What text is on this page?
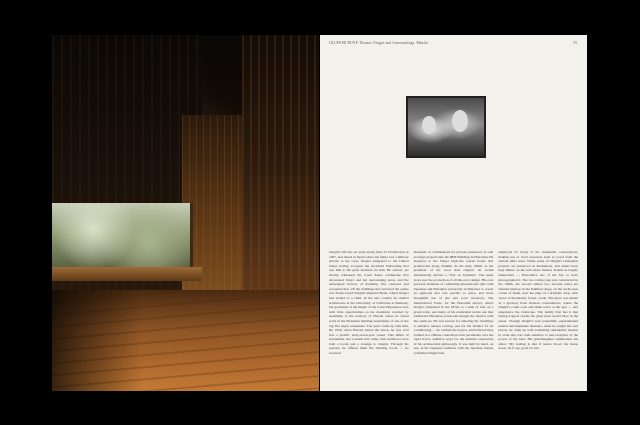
OLUFEMI BOYE Thomas Otagiri and Surroundings, Manila	55

Otagiri's life has set quite strong there in Vladivostok in 1907, and raised in Japan where his father was a military attache to the Czar, Otagiri emigrated to the United States having accepted the Archbold Fellowship that saw him to the great mansion for him. He arrived, yet having witnessed the Great Kanto earthquake that devastated Tokyo and her surrounding areas, and the subsequent horrors of hardship, fire, removal and reconstruction. Of the buildings that survived the quake was Frank Lloyd Wright's Imperial Hotel, which Otagiri had visited as a child. In the new country he studied architecture at the University of California at Berkeley, but graduated at the height of the Great Depression and, with little opportunities on the mainland, traveled by steamship to the territory of Hawaii where he found work in the Honolulu building department of one of the big five sugar companies. The years came up with him. By 1930, when Hawaii joined the union, he was well into a prolific sixty-seven-year career. This influx of investment and tourism that came with statehood were both a boom and a revenge to Otagiri. Through his practice he offered them the building boom — he received

hundreds of commissions for private residences as well as larger projects like the IBM Building in Honolulu. He departed to the Yaiger high-rise tourist hotels that proliferated along Waikiki. In the early 1960s, as the president of the local AIA chapter, he would intentionally declare a "War on Ugliness". The same years saw the production of all this era's design. His own personal elements of combining international style with Japanese and Hawaiian vernacular architecture to create an approach that was specific to place, and more thoughtful use of site and local resources. The International Trade, for the Honolulu airport, which Otagiri completed in the 1970s, is a kind of tour on a grand scale, and many of his residential works one that traditional Hawaiian vernacular merges the interior with the outdoors. He was known for situating his dwellings to enhance natural cooling, and for his distinct for its conditioning — he loathed the tropics, and believed they formed in a climate controlled room pavements over the rapid rivers. Additive ways for the ultimate expression of his architectural philosophy. It was built by hand, on site, in the Japanese tradition, with the Japanese master craftsmen Otagiri had

employed for many of his residential constructions, making use of local resources such as wood from the ancient Ohia trees. While some of Otagiri's residential projects are preserved as institutions, and others have kept thither on the real estate market, Kahala is largely unheralded — Honolulu's one of the few to have photographed it. The two cabins (one was constructed in the 1960s, the second almost two decades later) are situated high up in the Pukiikai range, on the north-west corner of Oahu, near the edge of a dramatic drop, with views of mountains, forest, ocean. The place was meant as a getaway from modern conveniences, where the Otagiri's could cook and drink water at the spot — and experience the landscape. The family first has it that during tropical storms the great trees would blow in the estate. Though Otagiri's had potentially experimented natural and manmade disasters, when he sought his own places, he came up with something remarkably modest in scale that was both sensitive to and receptive of the power of the land. His granddaughter summarizes his ethos: 'My feeling is that if nature blows his house down, let it say, good for her.'
